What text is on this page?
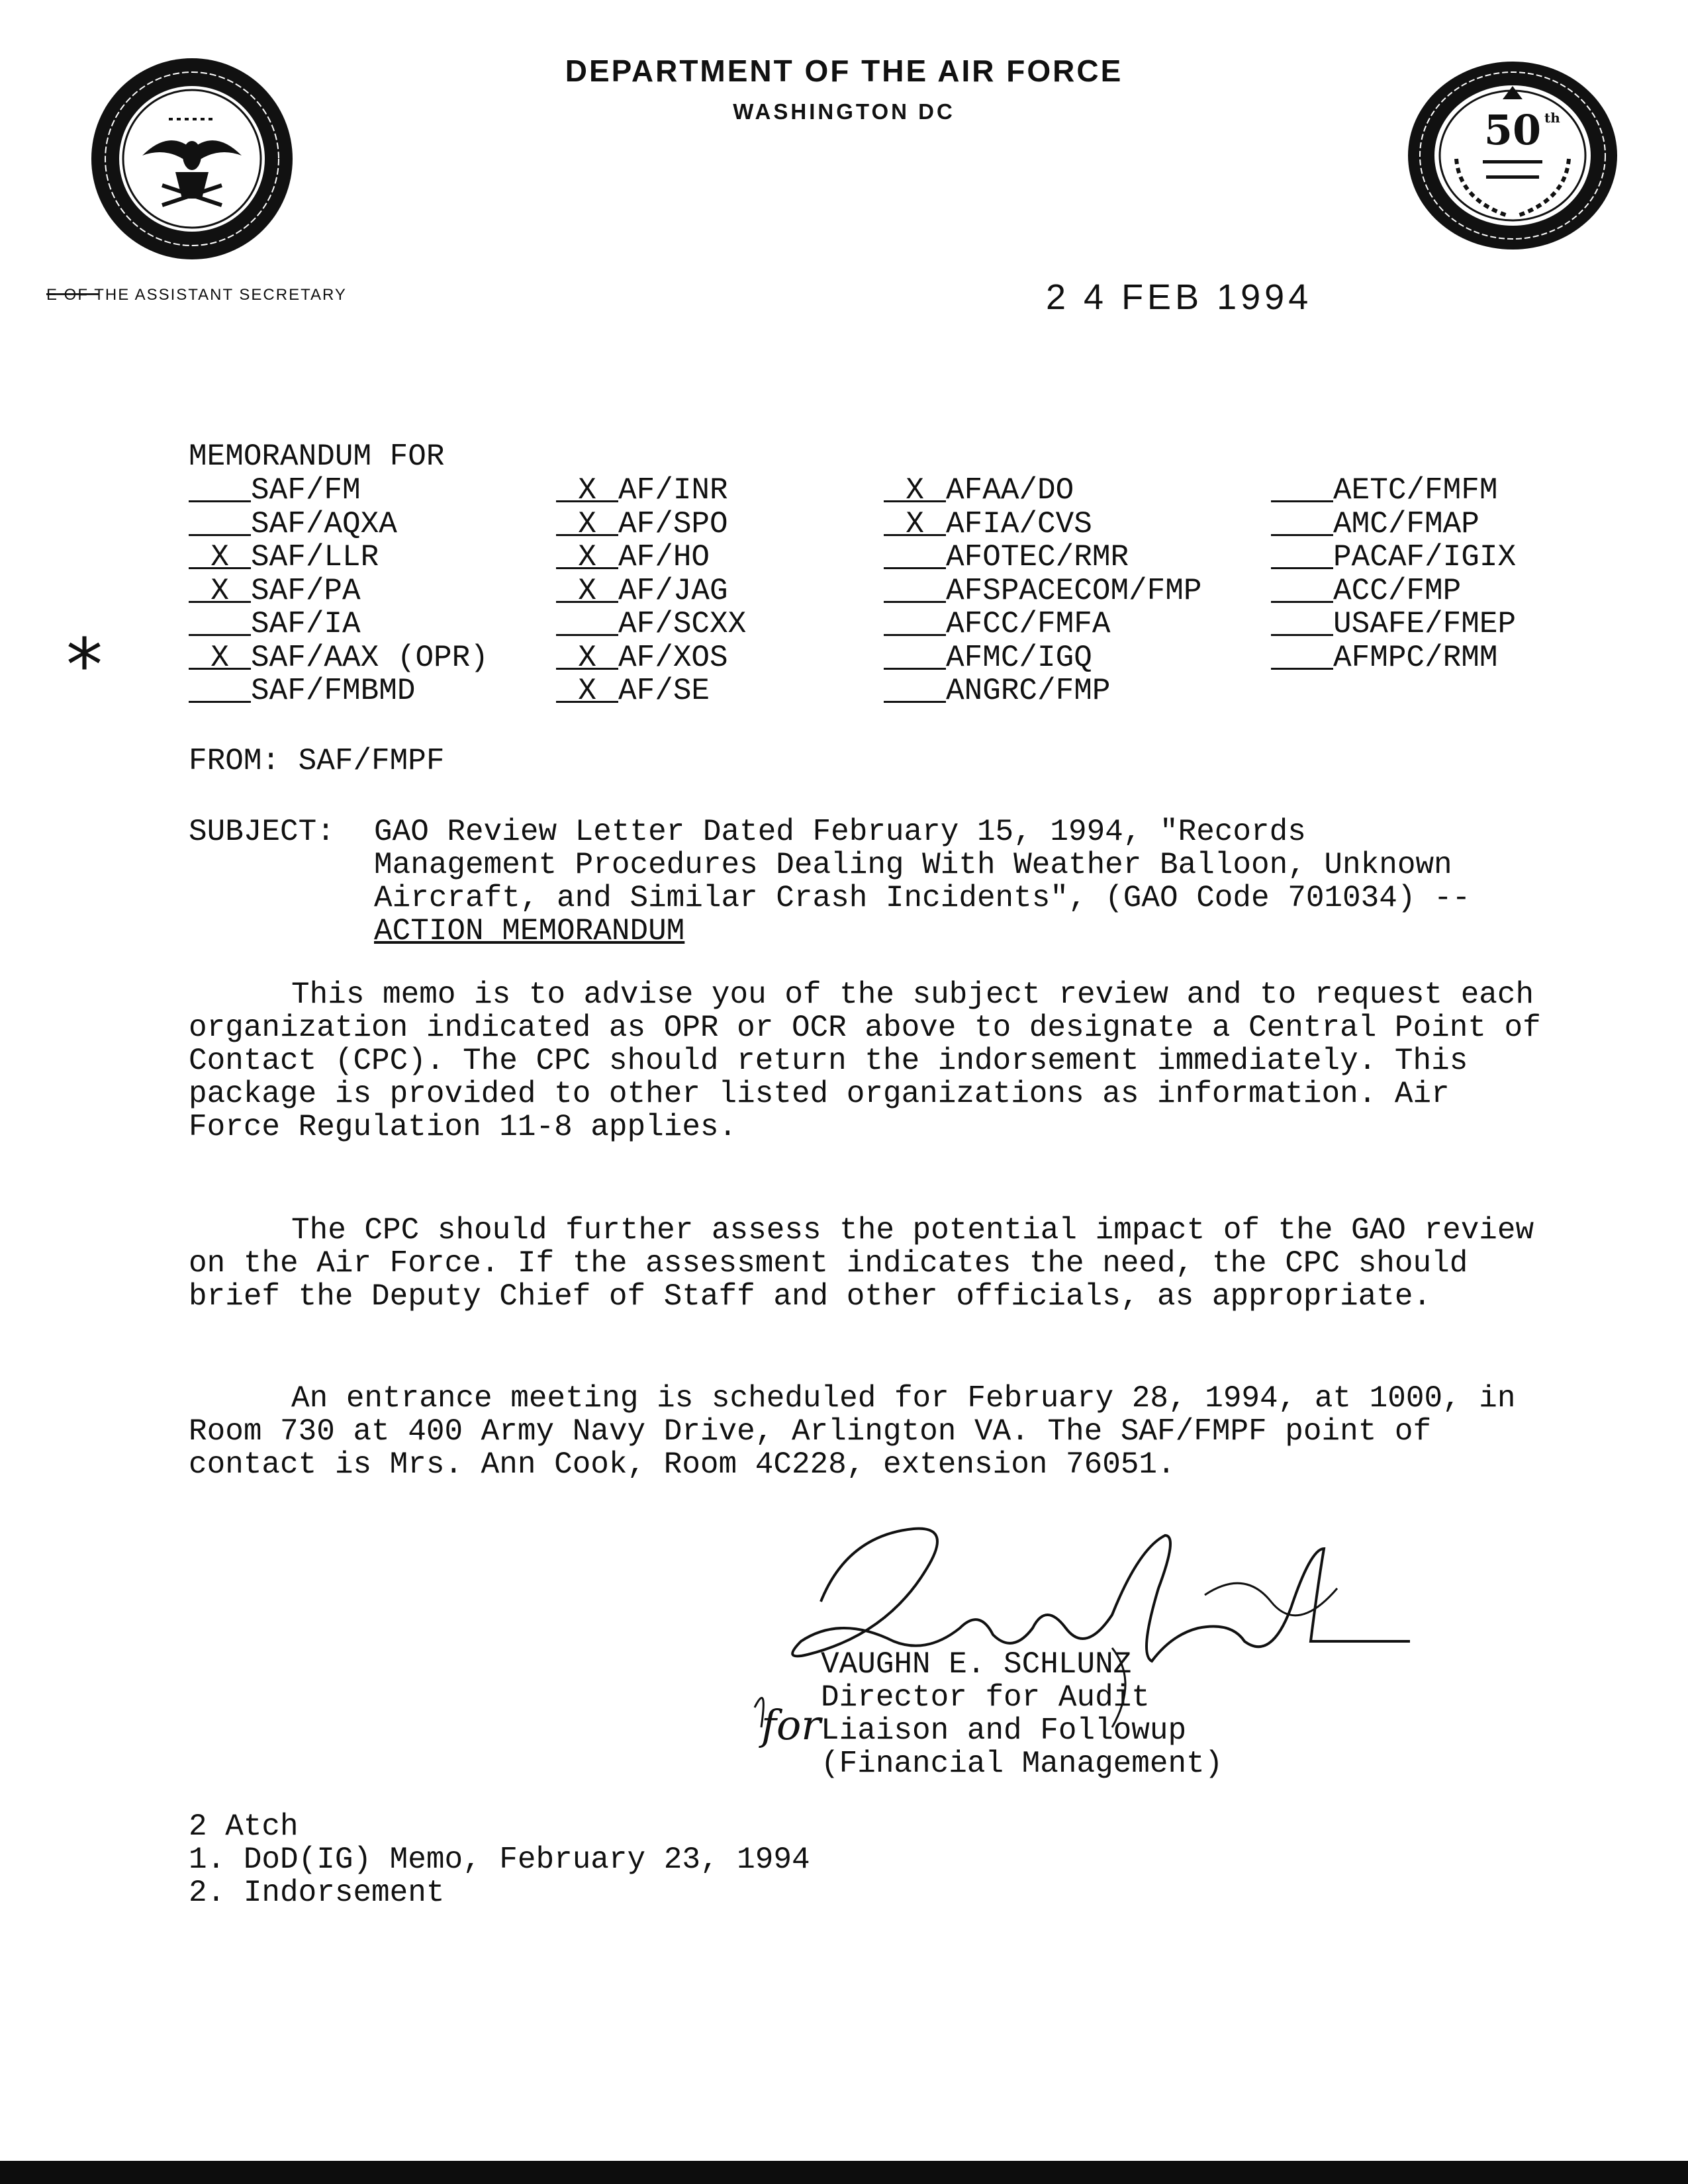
DEPARTMENT OF THE AIR FORCE
WASHINGTON DC	50 th
E OF THE ASSISTANT SECRETARY	2 4 FEB 1994
MEMORANDUM FOR
*
SAF/FM
SAF/AQXA
X SAF/LLR
X SAF/PA
SAF/IA
X SAF/AAX (OPR)
SAF/FMBMD
X AF/INR
X AF/SPO
X AF/HO
X AF/JAG
AF/SCXX
X AF/XOS
X AF/SE
X AFAA/DO
X AFIA/CVS
AFOTEC/RMR
AFSPACECOM/FMP
AFCC/FMFA
AFMC/IGQ
ANGRC/FMP
AETC/FMFM
AMC/FMAP
PACAF/IGIX
ACC/FMP
USAFE/FMEP
AFMPC/RMM
FROM: SAF/FMPF
SUBJECT: GAO Review Letter Dated February 15, 1994, "Records Management Procedures Dealing With Weather Balloon, Unknown Aircraft, and Similar Crash Incidents", (GAO Code 701034) -- ACTION MEMORANDUM
This memo is to advise you of the subject review and to request each organization indicated as OPR or OCR above to designate a Central Point of Contact (CPC). The CPC should return the indorsement immediately. This package is provided to other listed organizations as information. Air Force Regulation 11-8 applies.
The CPC should further assess the potential impact of the GAO review on the Air Force. If the assessment indicates the need, the CPC should brief the Deputy Chief of Staff and other officials, as appropriate.
An entrance meeting is scheduled for February 28, 1994, at 1000, in Room 730 at 400 Army Navy Drive, Arlington VA. The SAF/FMPF point of contact is Mrs. Ann Cook, Room 4C228, extension 76051.
VAUGHN E. SCHLUNZ
Director for Audit
Liaison and Followup
(Financial Management)
for
2 Atch
1. DoD(IG) Memo, February 23, 1994
2. Indorsement
